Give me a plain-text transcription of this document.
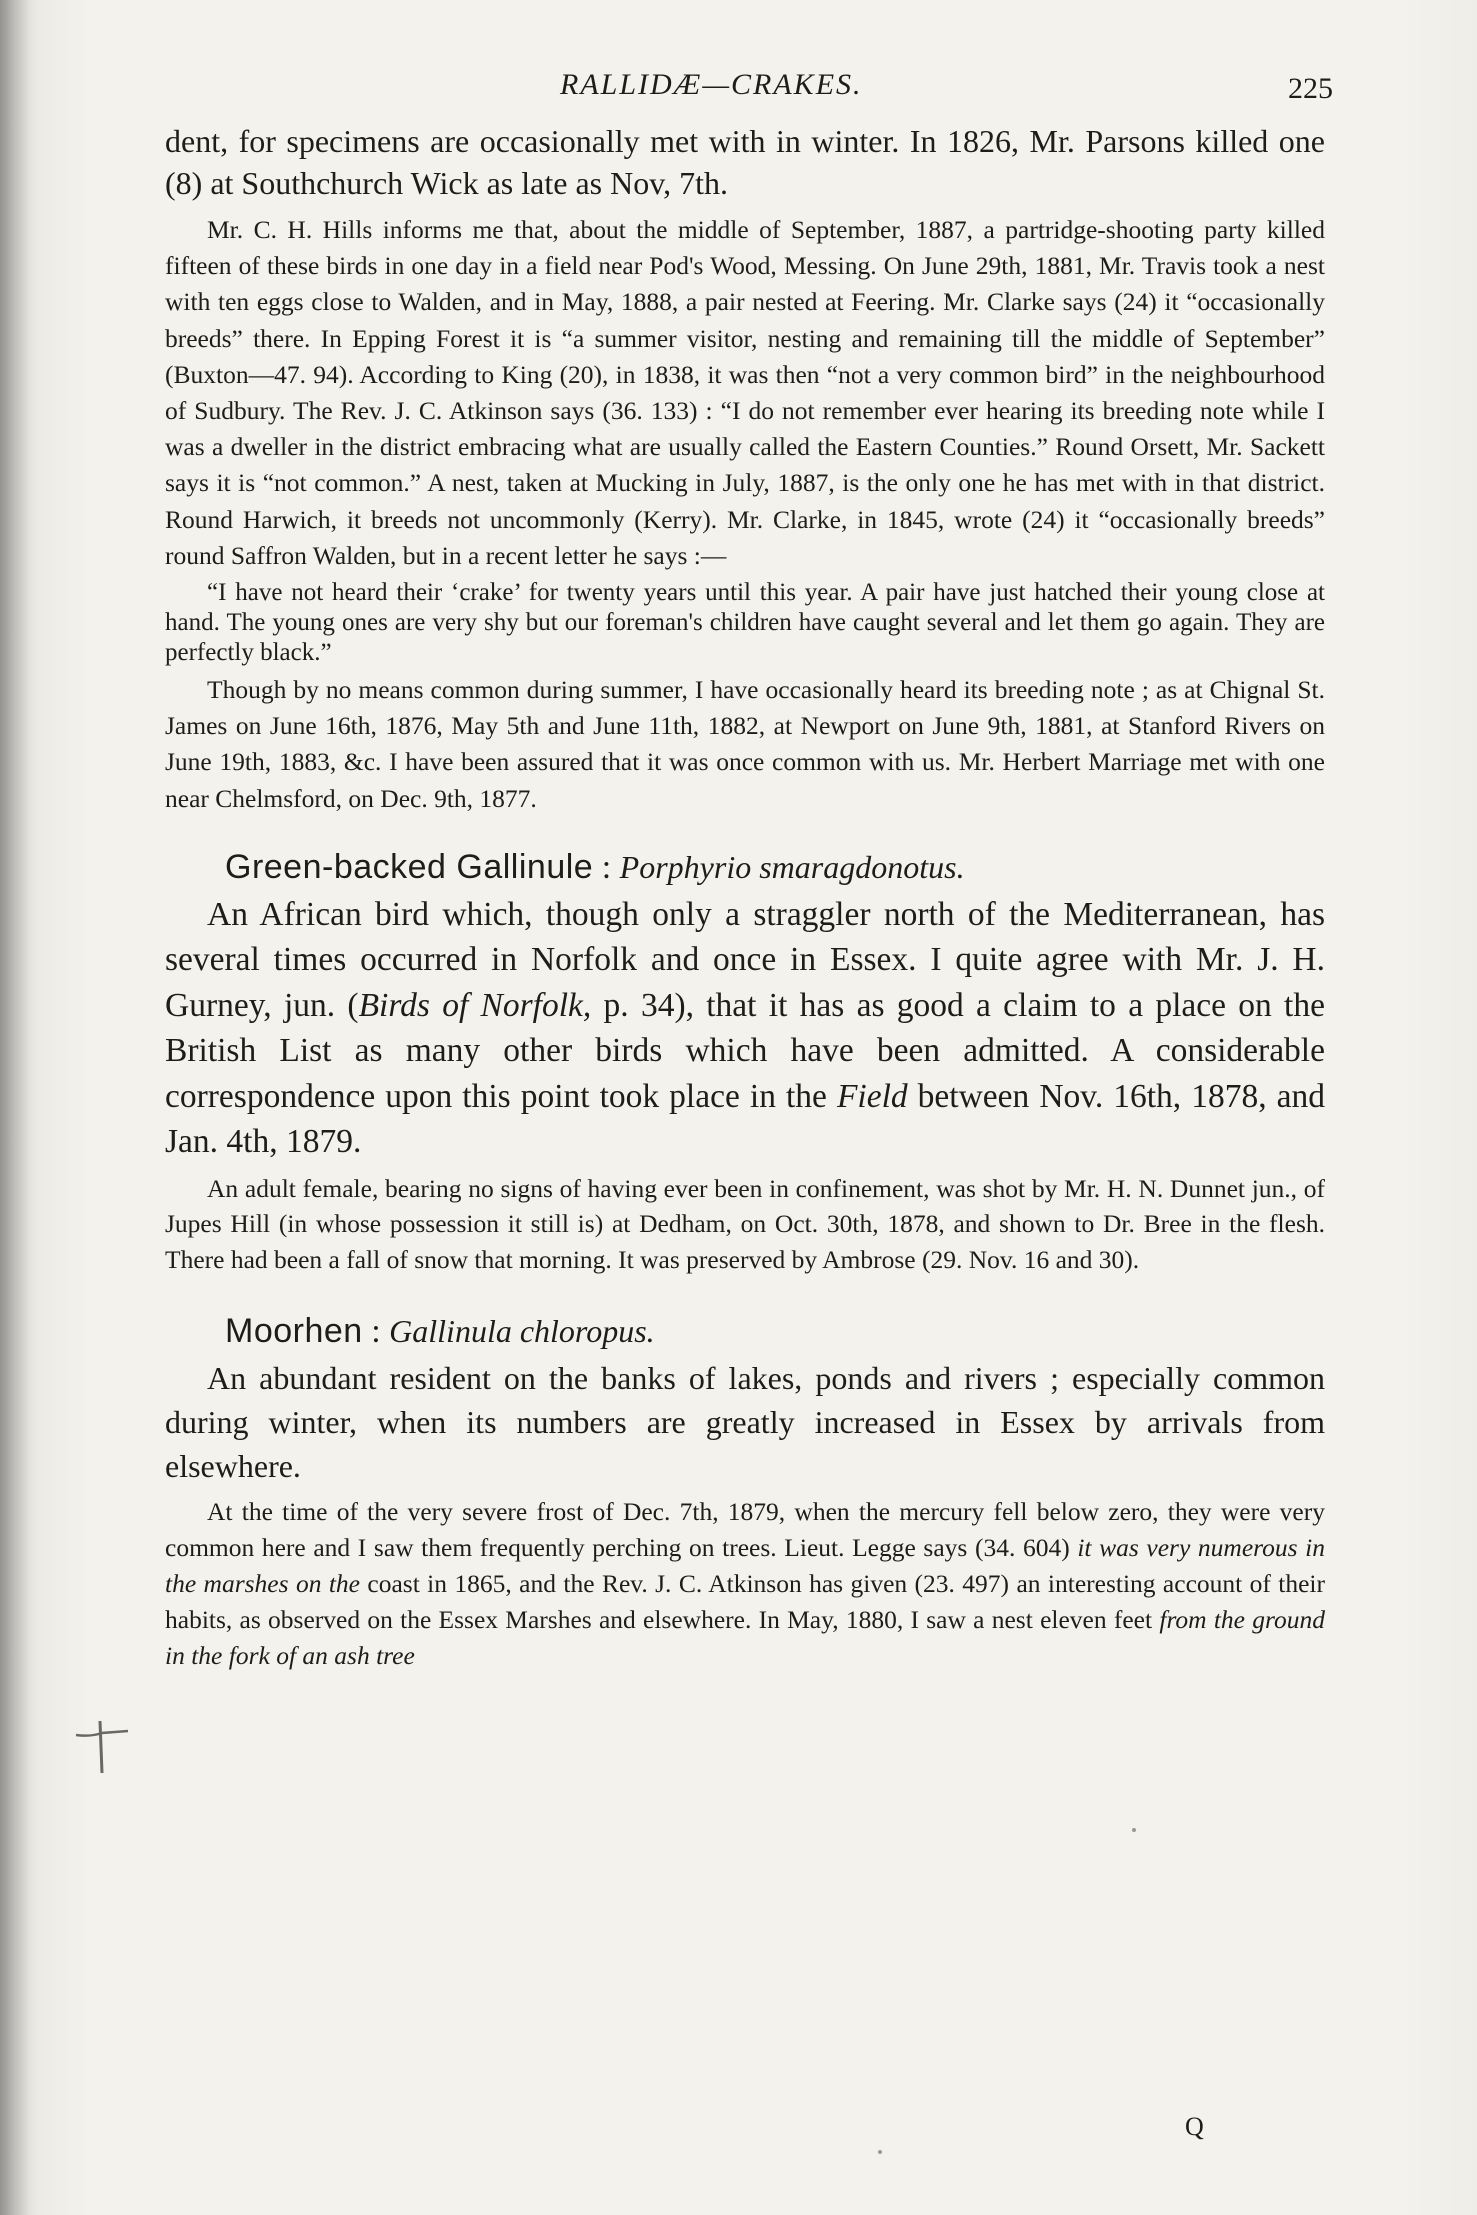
RALLIDÆ—CRAKES.	225

dent, for specimens are occasionally met with in winter. In 1826, Mr. Parsons killed one (8) at Southchurch Wick as late as Nov, 7th.

Mr. C. H. Hills informs me that, about the middle of September, 1887, a partridge-shooting party killed fifteen of these birds in one day in a field near Pod's Wood, Messing. On June 29th, 1881, Mr. Travis took a nest with ten eggs close to Walden, and in May, 1888, a pair nested at Feering. Mr. Clarke says (24) it “occasionally breeds” there. In Epping Forest it is “a summer visitor, nesting and remaining till the middle of September” (Buxton—47. 94). According to King (20), in 1838, it was then “not a very common bird” in the neighbourhood of Sudbury. The Rev. J. C. Atkinson says (36. 133) : “I do not remember ever hearing its breeding note while I was a dweller in the district embracing what are usually called the Eastern Counties.” Round Orsett, Mr. Sackett says it is “not common.” A nest, taken at Mucking in July, 1887, is the only one he has met with in that district. Round Harwich, it breeds not uncommonly (Kerry). Mr. Clarke, in 1845, wrote (24) it “occasionally breeds” round Saffron Walden, but in a recent letter he says :—

“I have not heard their ‘crake’ for twenty years until this year. A pair have just hatched their young close at hand. The young ones are very shy but our foreman's children have caught several and let them go again. They are perfectly black.”

Though by no means common during summer, I have occasionally heard its breeding note ; as at Chignal St. James on June 16th, 1876, May 5th and June 11th, 1882, at Newport on June 9th, 1881, at Stanford Rivers on June 19th, 1883, &c. I have been assured that it was once common with us. Mr. Herbert Marriage met with one near Chelmsford, on Dec. 9th, 1877.

Green-backed Gallinule : Porphyrio smaragdonotus.

An African bird which, though only a straggler north of the Mediterranean, has several times occurred in Norfolk and once in Essex. I quite agree with Mr. J. H. Gurney, jun. (Birds of Norfolk, p. 34), that it has as good a claim to a place on the British List as many other birds which have been admitted. A considerable correspondence upon this point took place in the Field between Nov. 16th, 1878, and Jan. 4th, 1879.

An adult female, bearing no signs of having ever been in confinement, was shot by Mr. H. N. Dunnet jun., of Jupes Hill (in whose possession it still is) at Dedham, on Oct. 30th, 1878, and shown to Dr. Bree in the flesh. There had been a fall of snow that morning. It was preserved by Ambrose (29. Nov. 16 and 30).

Moorhen : Gallinula chloropus.

An abundant resident on the banks of lakes, ponds and rivers ; especially common during winter, when its numbers are greatly increased in Essex by arrivals from elsewhere.

At the time of the very severe frost of Dec. 7th, 1879, when the mercury fell below zero, they were very common here and I saw them frequently perching on trees. Lieut. Legge says (34. 604) it was very numerous in the marshes on the coast in 1865, and the Rev. J. C. Atkinson has given (23. 497) an interesting account of their habits, as observed on the Essex Marshes and elsewhere. In May, 1880, I saw a nest eleven feet from the ground in the fork of an ash tree

Q
